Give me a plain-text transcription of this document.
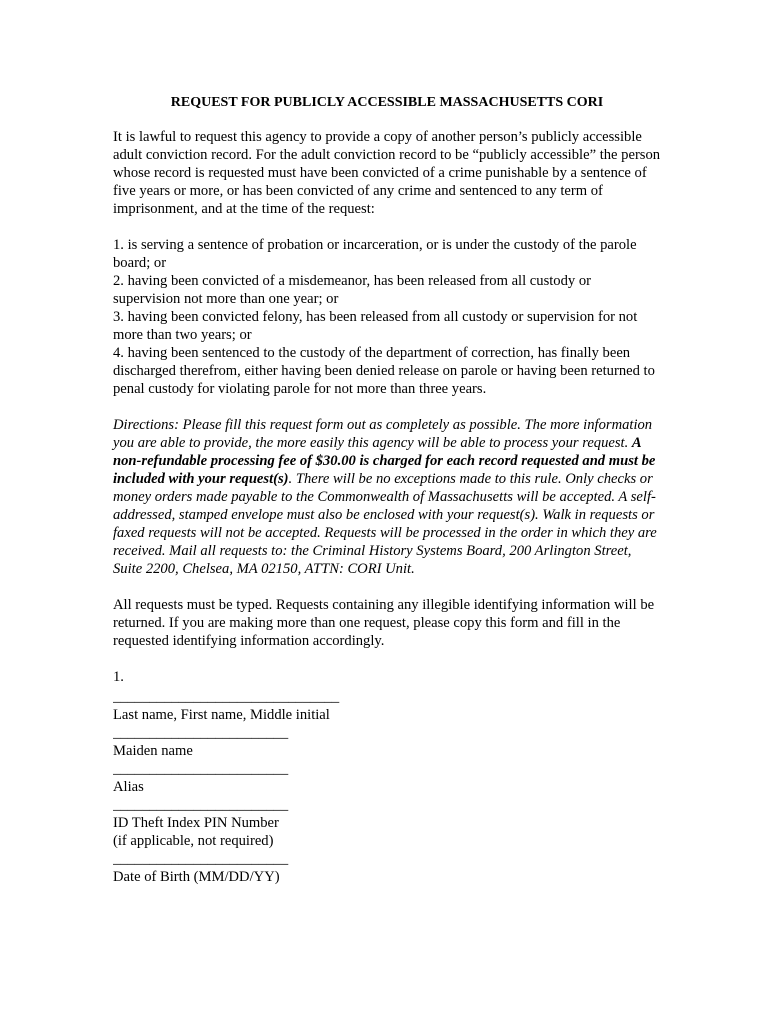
REQUEST FOR PUBLICLY ACCESSIBLE MASSACHUSETTS CORI

It is lawful to request this agency to provide a copy of another person’s publicly accessible adult conviction record. For the adult conviction record to be “publicly accessible” the person whose record is requested must have been convicted of a crime punishable by a sentence of five years or more, or has been convicted of any crime and sentenced to any term of imprisonment, and at the time of the request:

1. is serving a sentence of probation or incarceration, or is under the custody of the parole board; or

2. having been convicted of a misdemeanor, has been released from all custody or supervision not more than one year; or

3. having been convicted felony, has been released from all custody or supervision for not more than two years; or

4. having been sentenced to the custody of the department of correction, has finally been discharged therefrom, either having been denied release on parole or having been returned to penal custody for violating parole for not more than three years.

Directions: Please fill this request form out as completely as possible. The more information you are able to provide, the more easily this agency will be able to process your request. A non-refundable processing fee of $30.00 is charged for each record requested and must be included with your request(s). There will be no exceptions made to this rule. Only checks or money orders made payable to the Commonwealth of Massachusetts will be accepted. A self-addressed, stamped envelope must also be enclosed with your request(s). Walk in requests or faxed requests will not be accepted. Requests will be processed in the order in which they are received. Mail all requests to: the Criminal History Systems Board, 200 Arlington Street, Suite 2200, Chelsea, MA 02150, ATTN: CORI Unit.

All requests must be typed. Requests containing any illegible identifying information will be returned. If you are making more than one request, please copy this form and fill in the requested identifying information accordingly.

1.
_______________________________
Last name, First name, Middle initial
________________________
Maiden name
________________________
Alias
________________________
ID Theft Index PIN Number
(if applicable, not required)
________________________
Date of Birth (MM/DD/YY)
